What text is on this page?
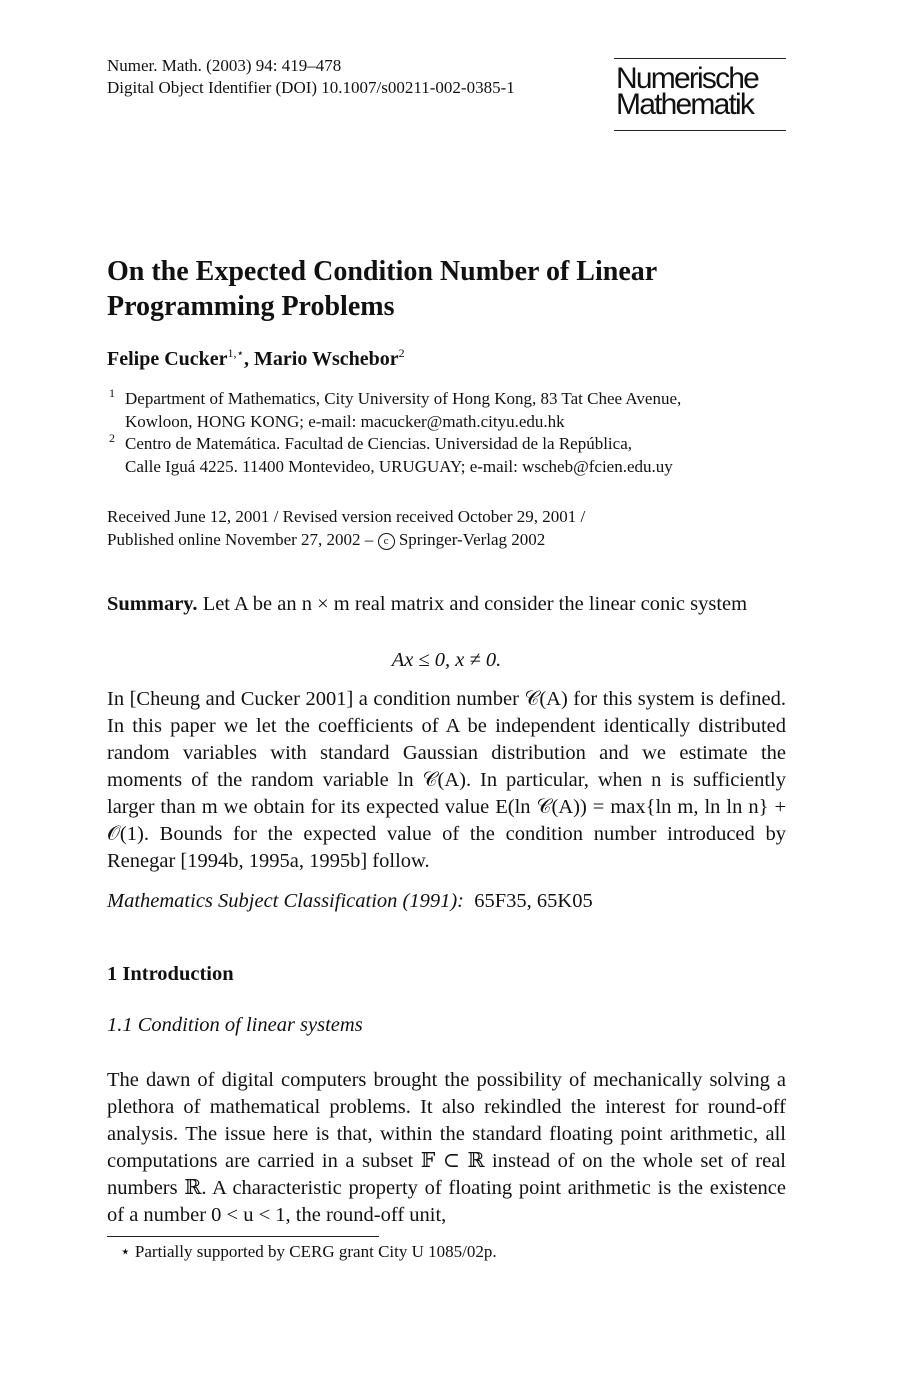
Numer. Math. (2003) 94: 419–478
Digital Object Identifier (DOI) 10.1007/s00211-002-0385-1	Numerische
Mathematik
On the Expected Condition Number of Linear
Programming Problems
Felipe Cucker$^{1,⋆}$, Mario Wschebor$^2$
1 Department of Mathematics, City University of Hong Kong, 83 Tat Chee Avenue,
Kowloon, HONG KONG; e-mail: macucker@math.cityu.edu.hk
2 Centro de Matemática. Facultad de Ciencias. Universidad de la República,
Calle Iguá 4225. 11400 Montevideo, URUGUAY; e-mail: wscheb@fcien.edu.uy
Received June 12, 2001 / Revised version received October 29, 2001 /
Published online November 27, 2002 – c Springer-Verlag 2002

Summary. Let A be an n × m real matrix and consider the linear conic system

Ax ≤ 0, x ≠ 0.

In [Cheung and Cucker 2001] a condition number 𝒞(A) for this system is defined. In this paper we let the coefficients of A be independent identically distributed random variables with standard Gaussian distribution and we estimate the moments of the random variable ln 𝒞(A). In particular, when n is sufficiently larger than m we obtain for its expected value E(ln 𝒞(A)) = max{ln m, ln ln n} + 𝒪(1). Bounds for the expected value of the condition number introduced by Renegar [1994b, 1995a, 1995b] follow.

Mathematics Subject Classification (1991): 65F35, 65K05
1 Introduction
1.1 Condition of linear systems

The dawn of digital computers brought the possibility of mechanically solving a plethora of mathematical problems. It also rekindled the interest for round-off analysis. The issue here is that, within the standard floating point arithmetic, all computations are carried in a subset 𝔽 ⊂ ℝ instead of on the whole set of real numbers ℝ. A characteristic property of floating point arithmetic is the existence of a number 0 < u < 1, the round-off unit,

⋆ Partially supported by CERG grant City U 1085/02p.
